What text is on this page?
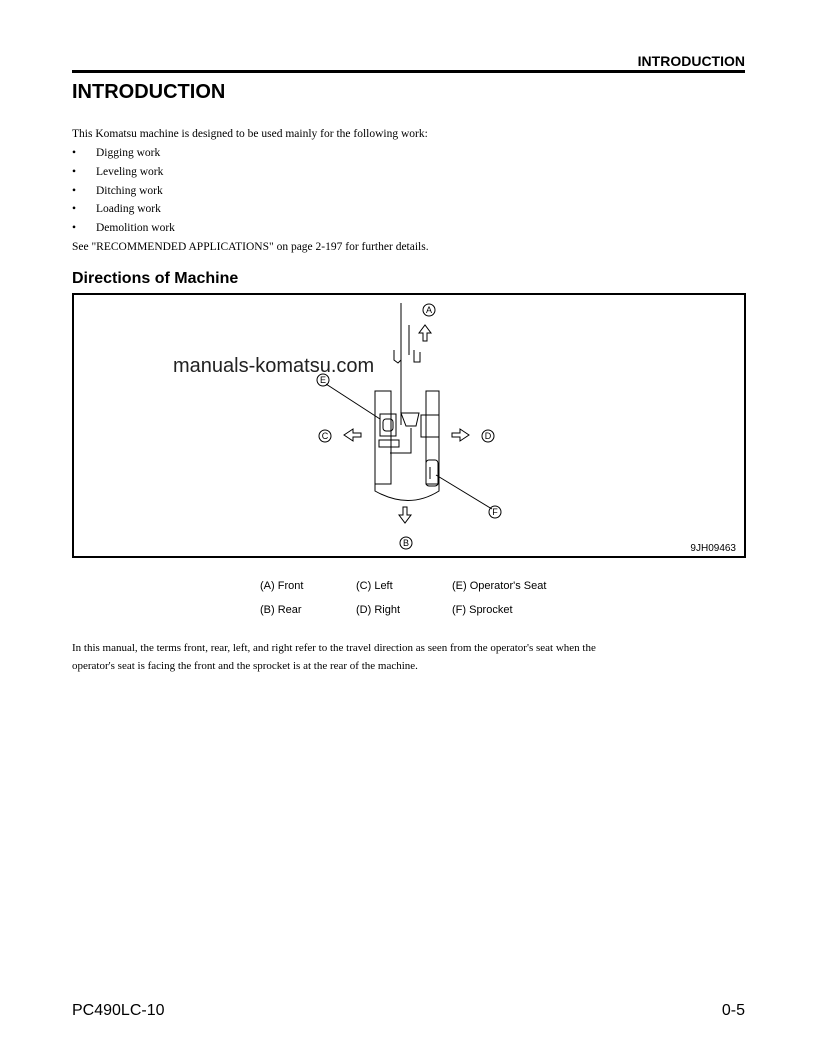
INTRODUCTION
INTRODUCTION
This Komatsu machine is designed to be used mainly for the following work:
• Digging work
• Leveling work
• Ditching work
• Loading work
• Demolition work
See "RECOMMENDED APPLICATIONS" on page 2-197 for further details.
Directions of Machine
A
B
C	D
E
F
9JH09463
manuals-komatsu.com
(A) Front	(C) Left	(E) Operator's Seat
(B) Rear	(D) Right	(F) Sprocket
In this manual, the terms front, rear, left, and right refer to the travel direction as seen from the operator's seat when the
operator's seat is facing the front and the sprocket is at the rear of the machine.
PC490LC-10	0-5
